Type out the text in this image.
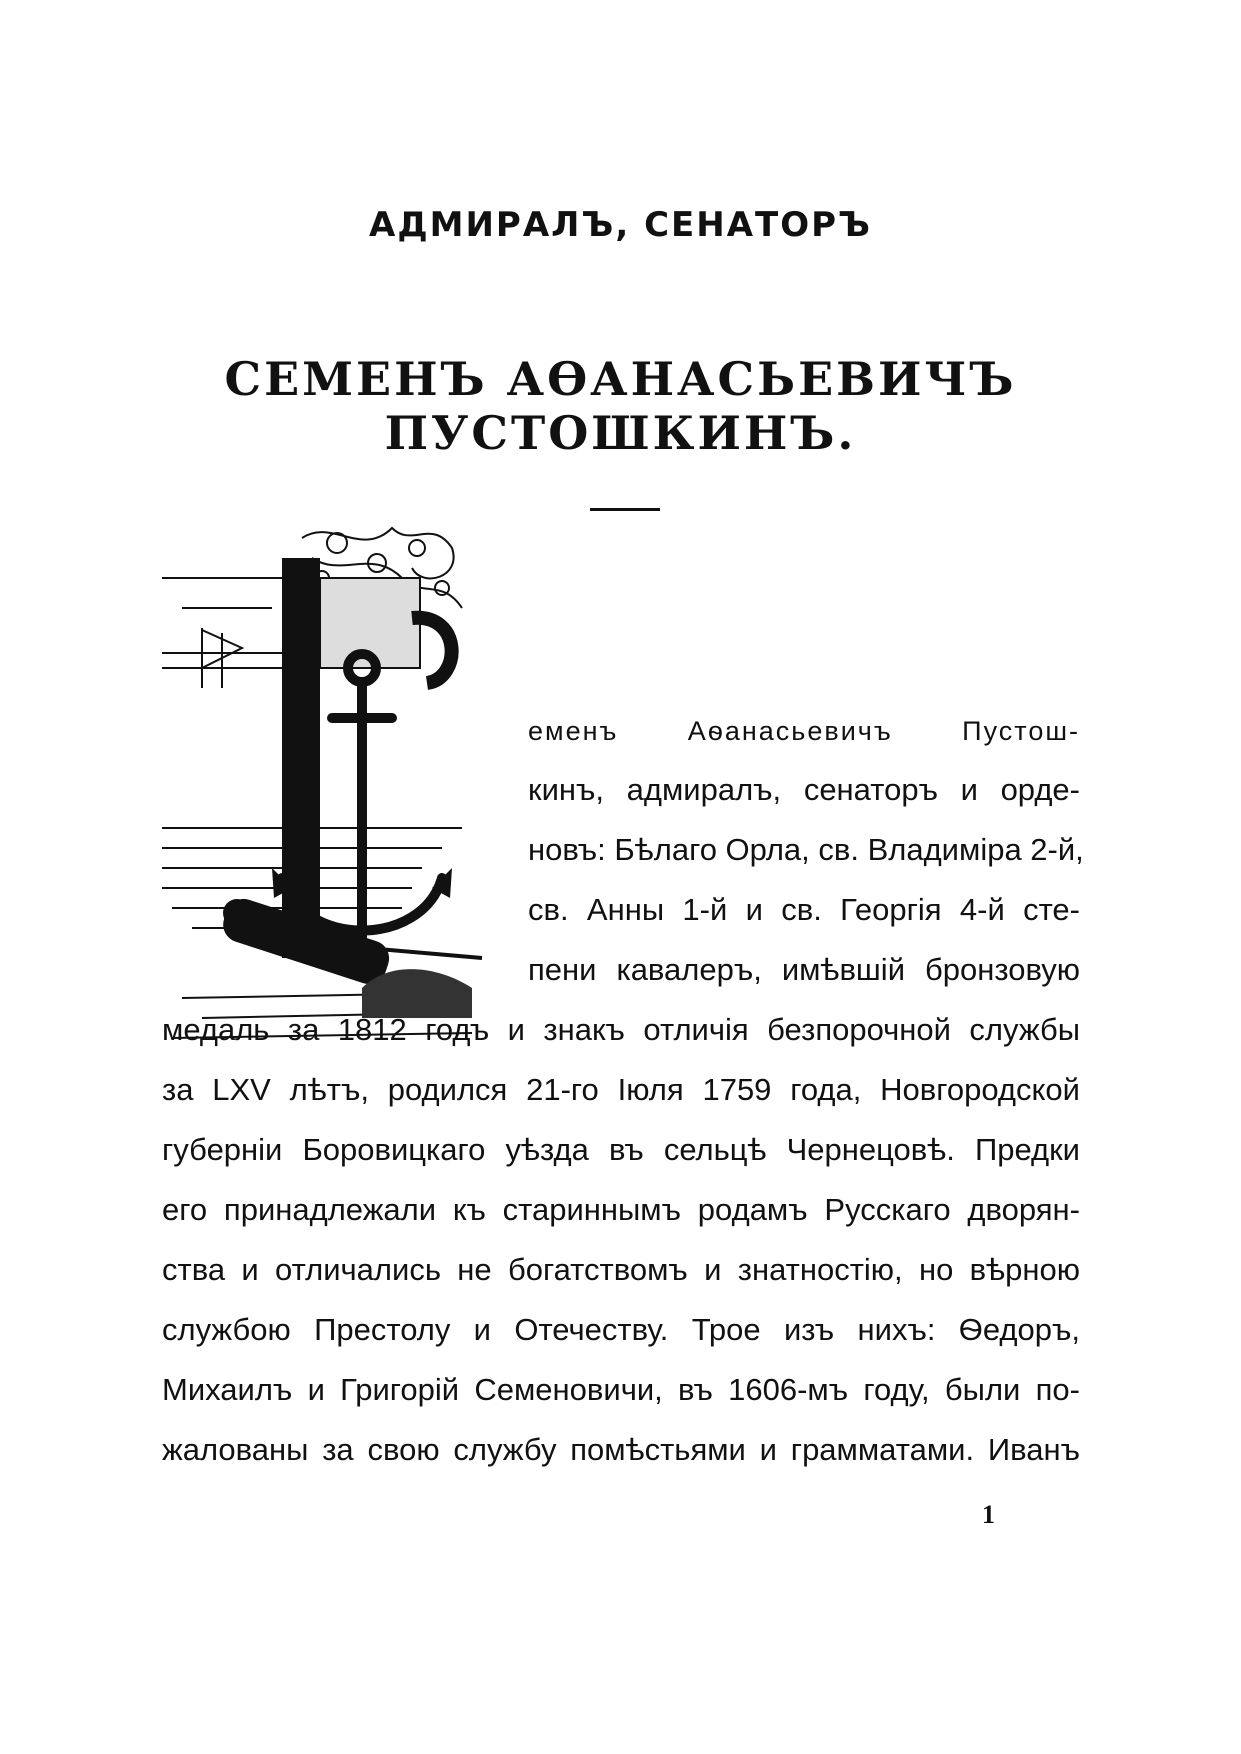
АДМИРАЛЪ, СЕНАТОРЪ
СЕМЕНЪ АѲАНАСЬЕВИЧЪ ПУСТОШКИНЪ.
еменъ Аѳанасьевичъ Пустош-
кинъ, адмиралъ, сенаторъ и орде-
новъ: Бѣлаго Орла, св. Владиміра 2-й,
св. Анны 1-й и св. Георгія 4-й сте-
пени кавалеръ, имѣвшій бронзовую
медаль за 1812 годъ и знакъ отличія безпорочной службы
за LXV лѣтъ, родился 21-го Іюля 1759 года, Новгородской
губерніи Боровицкаго уѣзда въ сельцѣ Чернецовѣ. Предки
его принадлежали къ стариннымъ родамъ Русскаго дворян-
ства и отличались не богатствомъ и знатностію, но вѣрною
службою Престолу и Отечеству. Трое изъ нихъ: Ѳедоръ,
Михаилъ и Григорій Семеновичи, въ 1606-мъ году, были по-
жалованы за свою службу помѣстьями и грамматами. Иванъ
1
